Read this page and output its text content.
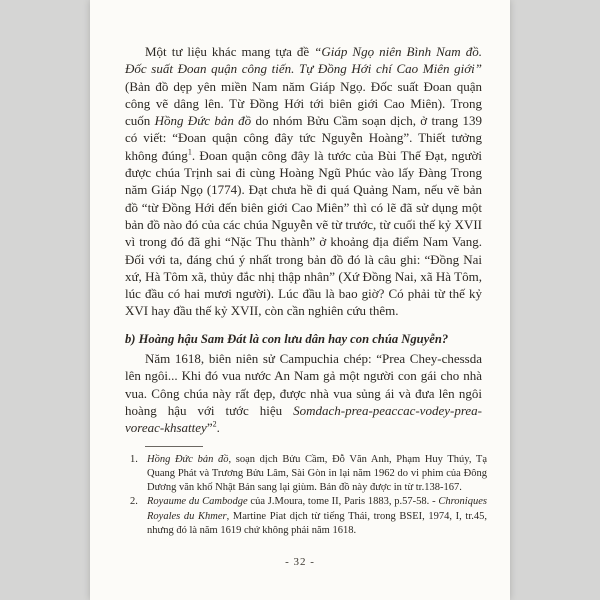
Một tư liệu khác mang tựa đề “Giáp Ngọ niên Bình Nam đồ. Đốc suất Đoan quận công tiến. Tự Đồng Hới chí Cao Miên giới” (Bản đồ dẹp yên miền Nam năm Giáp Ngọ. Đốc suất Đoan quận công vẽ dâng lên. Từ Đồng Hới tới biên giới Cao Miên). Trong cuốn Hồng Đức bản đồ do nhóm Bửu Cầm soạn dịch, ở trang 139 có viết: “Đoan quận công đây tức Nguyễn Hoàng”. Thiết tưởng không đúng$^1$. Đoan quận công đây là tước của Bùi Thế Đạt, người được chúa Trịnh sai đi cùng Hoàng Ngũ Phúc vào lấy Đàng Trong năm Giáp Ngọ (1774). Đạt chưa hề đi quá Quảng Nam, nếu vẽ bản đồ “từ Đồng Hới đến biên giới Cao Miên” thì có lẽ đã sử dụng một bản đồ nào đó của các chúa Nguyễn vẽ từ trước, từ cuối thế kỷ XVII vì trong đó đã ghi “Nặc Thu thành” ở khoảng địa điểm Nam Vang. Đối với ta, đáng chú ý nhất trong bản đồ đó là câu ghi: “Đồng Nai xứ, Hà Tôm xã, thủy đắc nhị thập nhân” (Xứ Đồng Nai, xã Hà Tôm, lúc đầu có hai mươi người). Lúc đầu là bao giờ? Có phải từ thế kỷ XVI hay đầu thế kỷ XVII, còn cần nghiên cứu thêm.

b) Hoàng hậu Sam Đát là con lưu dân hay con chúa Nguyễn?

Năm 1618, biên niên sử Campuchia chép: “Prea Chey-chessda lên ngôi... Khi đó vua nước An Nam gả một người con gái cho nhà vua. Công chúa này rất đẹp, được nhà vua sủng ái và đưa lên ngôi hoàng hậu với tước hiệu Somdach-prea-peaccac-vodey-prea-voreac-khsattey”$^2$.

1. Hồng Đức bản đồ, soạn dịch Bửu Cầm, Đỗ Văn Anh, Phạm Huy Thúy, Tạ Quang Phát và Trương Bửu Lâm, Sài Gòn in lại năm 1962 do vi phim của Đông Dương văn khố Nhật Bản sang lại giùm. Bản đồ này được in từ tr.138-167.
2. Royaume du Cambodge của J.Moura, tome II, Paris 1883, p.57-58. - Chroniques Royales du Khmer, Martine Piat dịch từ tiếng Thái, trong BSEI, 1974, I, tr.45, nhưng đó là năm 1619 chứ không phải năm 1618.
- 32 -
